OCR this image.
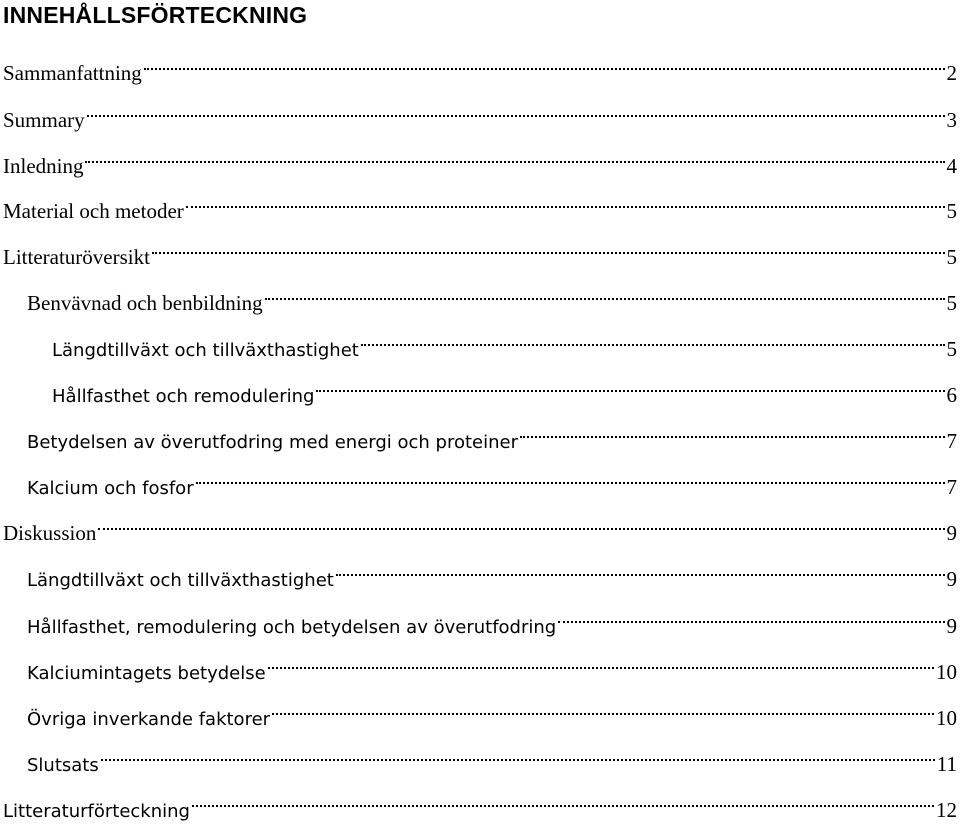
INNEHÅLLSFÖRTECKNING
Sammanfattning	2
Summary	3
Inledning	4
Material och metoder	5
Litteraturöversikt	5
Benvävnad och benbildning	5
Längdtillväxt och tillväxthastighet	5
Hållfasthet och remodulering	6
Betydelsen av överutfodring med energi och proteiner	7
Kalcium och fosfor	7
Diskussion	9
Längdtillväxt och tillväxthastighet	9
Hållfasthet, remodulering och betydelsen av överutfodring	9
Kalciumintagets betydelse	10
Övriga inverkande faktorer	10
Slutsats	11
Litteraturförteckning	12
